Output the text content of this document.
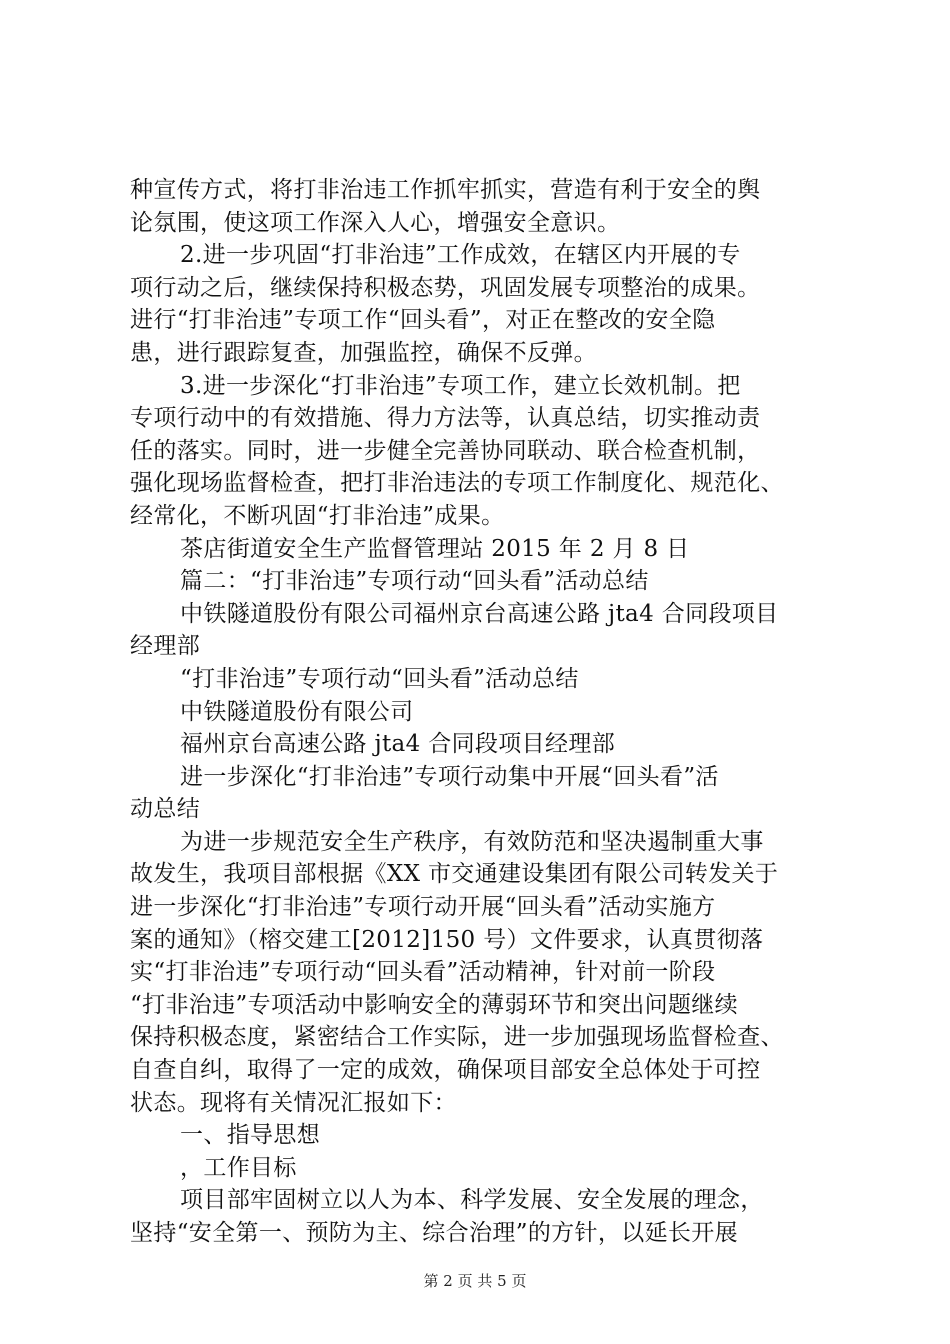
种宣传方式，将打非治违工作抓牢抓实，营造有利于安全的舆
论氛围，使这项工作深入人心，增强安全意识。
2.进一步巩固“打非治违”工作成效，在辖区内开展的专
项行动之后，继续保持积极态势，巩固发展专项整治的成果。
进行“打非治违”专项工作“回头看”，对正在整改的安全隐
患，进行跟踪复查，加强监控，确保不反弹。
3.进一步深化“打非治违”专项工作，建立长效机制。把
专项行动中的有效措施、得力方法等，认真总结，切实推动责
任的落实。同时，进一步健全完善协同联动、联合检查机制，
强化现场监督检查，把打非治违法的专项工作制度化、规范化、
经常化，不断巩固“打非治违”成果。
茶店街道安全生产监督管理站 2015 年 2 月 8 日
篇二：“打非治违”专项行动“回头看”活动总结
中铁隧道股份有限公司福州京台高速公路 jta4 合同段项目
经理部
“打非治违”专项行动“回头看”活动总结
中铁隧道股份有限公司
福州京台高速公路 jta4 合同段项目经理部
进一步深化“打非治违”专项行动集中开展“回头看”活
动总结
为进一步规范安全生产秩序，有效防范和坚决遏制重大事
故发生，我项目部根据《XX 市交通建设集团有限公司转发关于
进一步深化“打非治违”专项行动开展“回头看”活动实施方
案的通知》（榕交建工[2012]150 号）文件要求，认真贯彻落
实“打非治违”专项行动“回头看”活动精神，针对前一阶段
“打非治违”专项活动中影响安全的薄弱环节和突出问题继续
保持积极态度，紧密结合工作实际，进一步加强现场监督检查、
自查自纠，取得了一定的成效，确保项目部安全总体处于可控
状态。现将有关情况汇报如下：
一、指导思想
，工作目标
项目部牢固树立以人为本、科学发展、安全发展的理念，
坚持“安全第一、预防为主、综合治理”的方针，以延长开展
第 2 页 共 5 页
